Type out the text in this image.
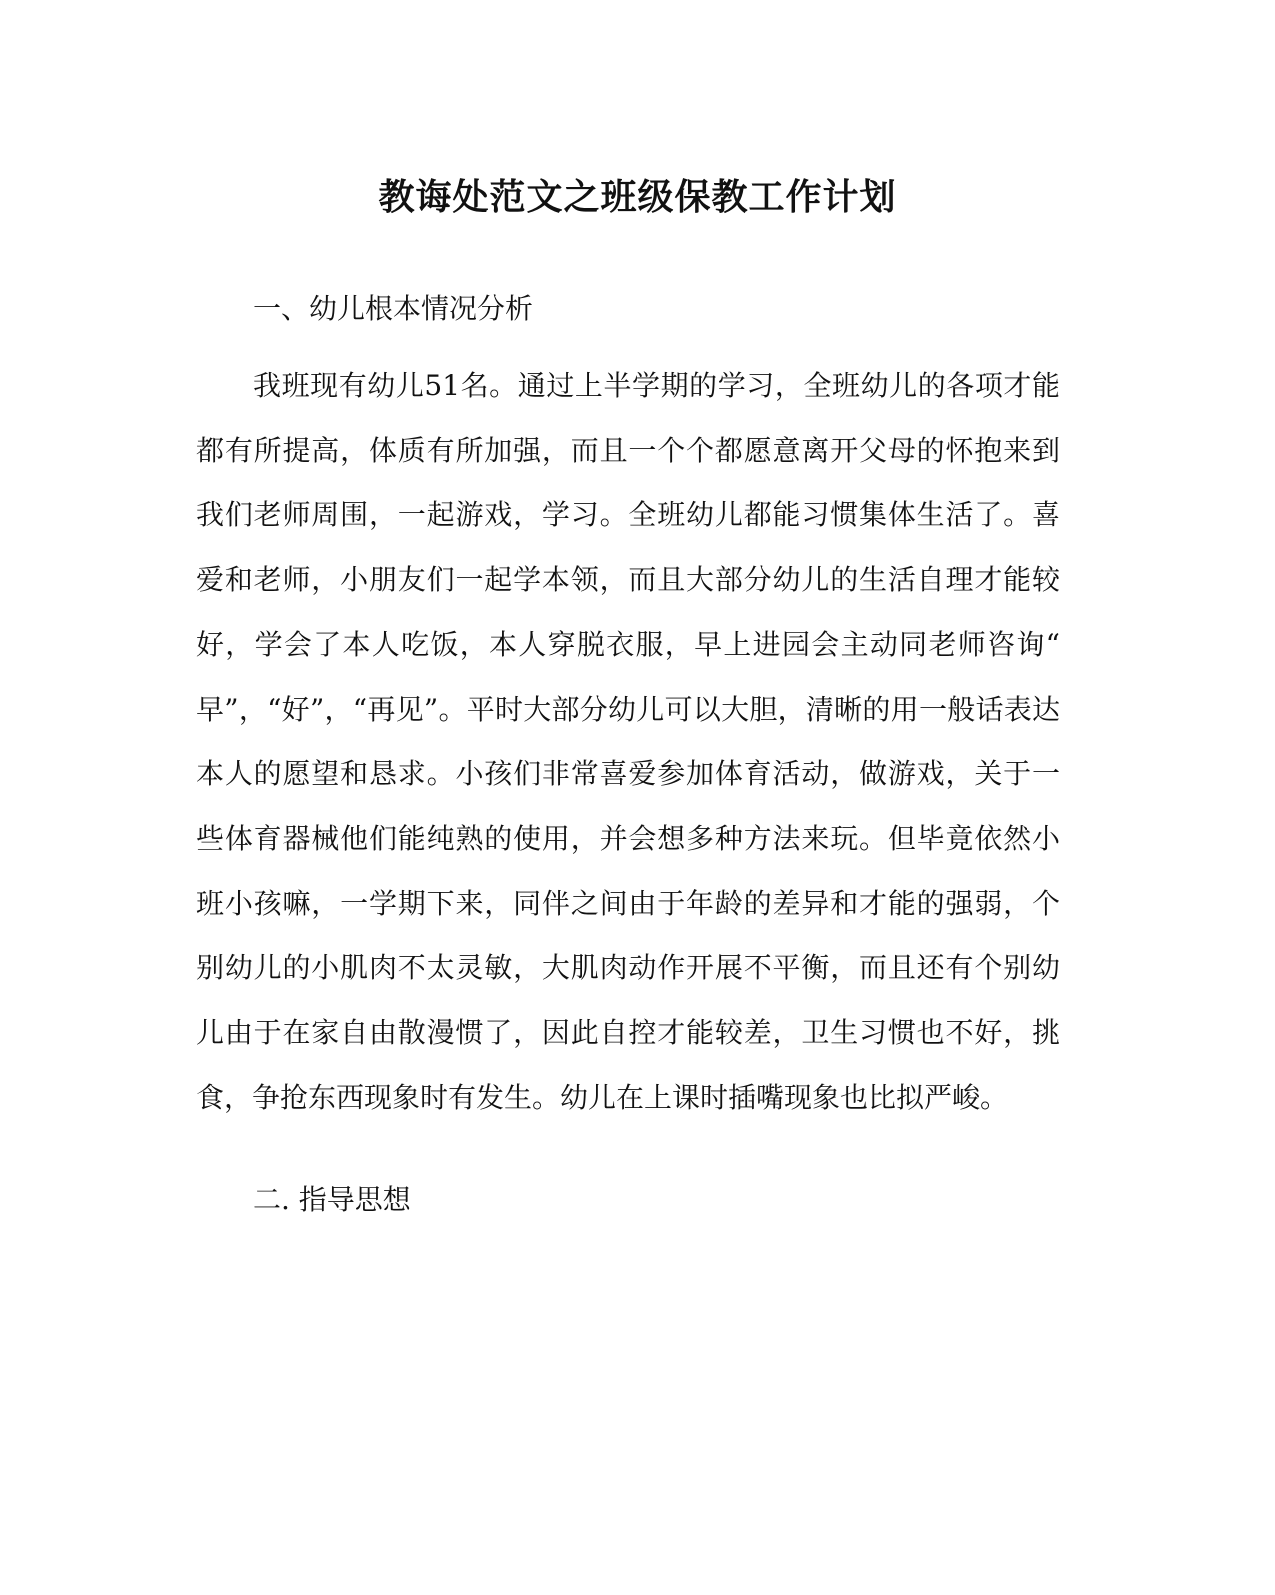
教诲处范文之班级保教工作计划
一、幼儿根本情况分析
我班现有幼儿51名。通过上半学期的学习，全班幼儿的各项才能
都有所提高，体质有所加强，而且一个个都愿意离开父母的怀抱来到
我们老师周围，一起游戏，学习。全班幼儿都能习惯集体生活了。喜
爱和老师，小朋友们一起学本领，而且大部分幼儿的生活自理才能较
好，学会了本人吃饭，本人穿脱衣服，早上进园会主动同老师咨询“
早”，“好”，“再见”。平时大部分幼儿可以大胆，清晰的用一般话表达
本人的愿望和恳求。小孩们非常喜爱参加体育活动，做游戏，关于一
些体育器械他们能纯熟的使用，并会想多种方法来玩。但毕竟依然小
班小孩嘛，一学期下来，同伴之间由于年龄的差异和才能的强弱，个
别幼儿的小肌肉不太灵敏，大肌肉动作开展不平衡，而且还有个别幼
儿由于在家自由散漫惯了，因此自控才能较差，卫生习惯也不好，挑
食，争抢东西现象时有发生。幼儿在上课时插嘴现象也比拟严峻。
二. 指导思想
